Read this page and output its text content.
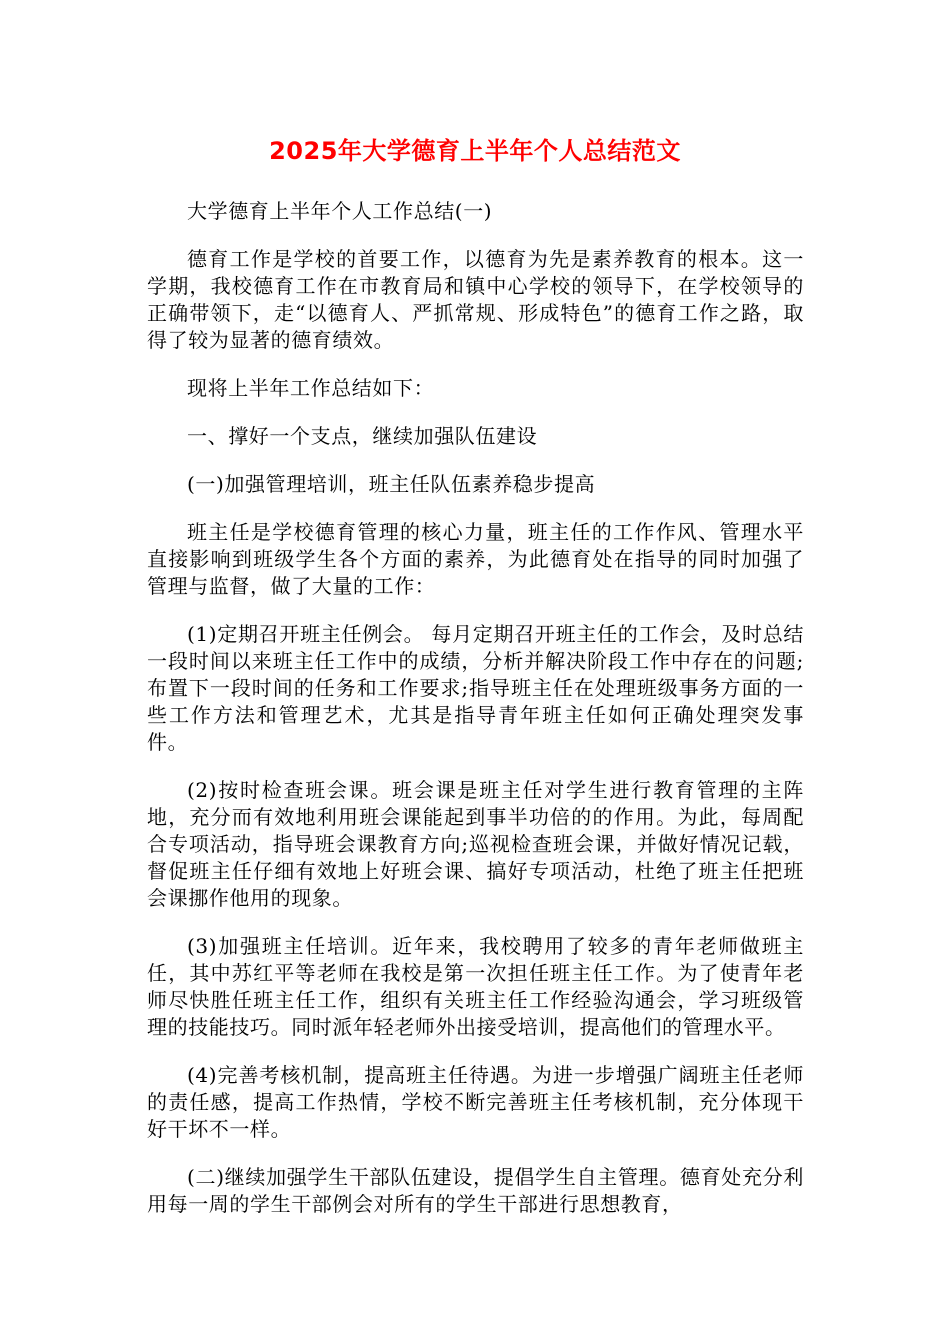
2025年大学德育上半年个人总结范文

大学德育上半年个人工作总结(一)

德育工作是学校的首要工作，以德育为先是素养教育的根本。这一学期，我校德育工作在市教育局和镇中心学校的领导下，在学校领导的正确带领下，走“以德育人、严抓常规、形成特色”的德育工作之路，取得了较为显著的德育绩效。

现将上半年工作总结如下：

一、撑好一个支点，继续加强队伍建设

(一)加强管理培训，班主任队伍素养稳步提高

班主任是学校德育管理的核心力量，班主任的工作作风、管理水平直接影响到班级学生各个方面的素养，为此德育处在指导的同时加强了管理与监督，做了大量的工作：

(1)定期召开班主任例会。 每月定期召开班主任的工作会，及时总结一段时间以来班主任工作中的成绩，分析并解决阶段工作中存在的问题;布置下一段时间的任务和工作要求;指导班主任在处理班级事务方面的一些工作方法和管理艺术，尤其是指导青年班主任如何正确处理突发事件。

(2)按时检查班会课。班会课是班主任对学生进行教育管理的主阵地，充分而有效地利用班会课能起到事半功倍的的作用。为此，每周配合专项活动，指导班会课教育方向;巡视检查班会课，并做好情况记载，督促班主任仔细有效地上好班会课、搞好专项活动，杜绝了班主任把班会课挪作他用的现象。

(3)加强班主任培训。近年来，我校聘用了较多的青年老师做班主任，其中苏红平等老师在我校是第一次担任班主任工作。为了使青年老师尽快胜任班主任工作，组织有关班主任工作经验沟通会，学习班级管理的技能技巧。同时派年轻老师外出接受培训，提高他们的管理水平。

(4)完善考核机制，提高班主任待遇。为进一步增强广阔班主任老师的责任感，提高工作热情，学校不断完善班主任考核机制，充分体现干好干坏不一样。

(二)继续加强学生干部队伍建设，提倡学生自主管理。德育处充分利用每一周的学生干部例会对所有的学生干部进行思想教育，
